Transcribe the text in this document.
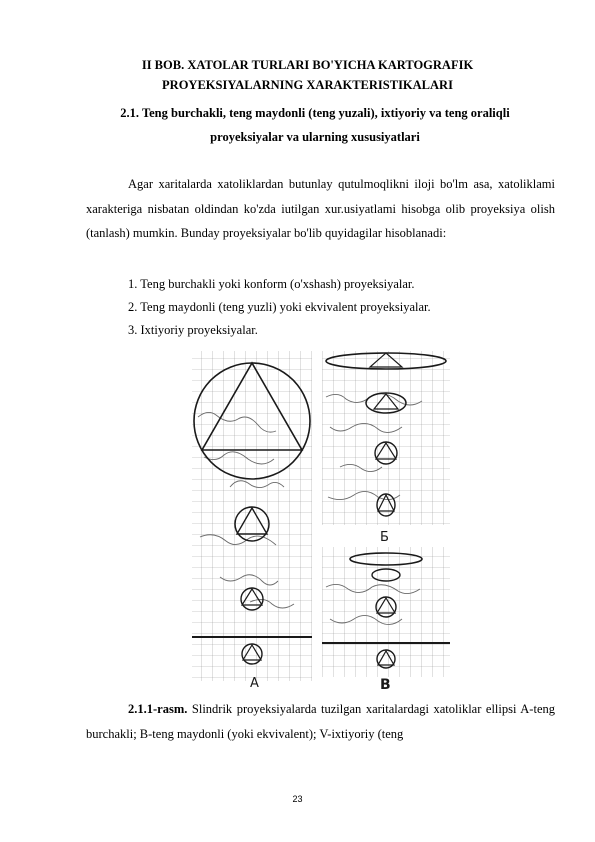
II BOB. XATOLAR TURLARI BO'YICHA KARTOGRAFIK
PROYEKSIYALARNING XARAKTERISTIKALARI
2.1. Teng burchakli, teng maydonli (teng yuzali), ixtiyoriy va teng oraliqli
proyeksiyalar va ularning xususiyatlari

Agar xaritalarda xatoliklardan butunlay qutulmoqlikni iloji bo'lm asa, xatoliklami xarakteriga nisbatan oldindan ko'zda iutilgan xur.usiyatlami hisobga olib proyeksiya olish (tanlash) mumkin. Bunday proyeksiyalar bo'lib quyidagilar hisoblanadi:

1. Teng burchakli yoki konform (o'xshash) proyeksiyalar.
2. Teng maydonli (teng yuzli) yoki ekvivalent proyeksiyalar.
3. Ixtiyoriy proyeksiyalar.
A
Б
В

2.1.1-rasm. Slindrik proyeksiyalarda tuzilgan xaritalardagi xatoliklar ellipsi A-teng burchakli; B-teng maydonli (yoki ekvivalent); V-ixtiyoriy (teng

23
